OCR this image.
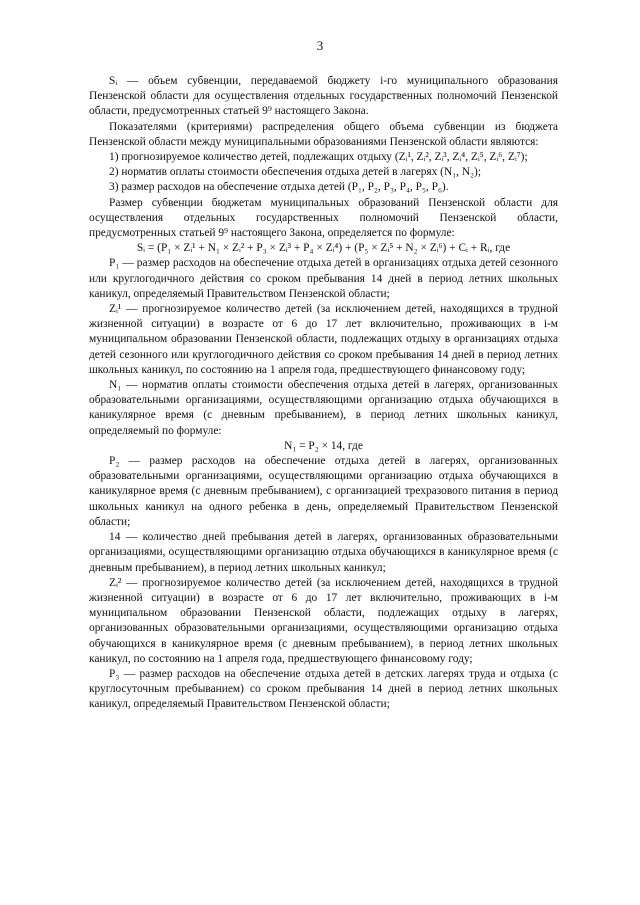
3

Sᵢ — объем субвенции, передаваемой бюджету i-го муниципального образования Пензенской области для осуществления отдельных государственных полномочий Пензенской области, предусмотренных статьей 9⁹ настоящего Закона.

Показателями (критериями) распределения общего объема субвенции из бюджета Пензенской области между муниципальными образованиями Пензенской области являются:

1) прогнозируемое количество детей, подлежащих отдыху (Zᵢ¹, Zᵢ², Zᵢ³, Zᵢ⁴, Zᵢ⁵, Zᵢ⁶, Zᵢ⁷);

2) норматив оплаты стоимости обеспечения отдыха детей в лагерях (N₁, N₂);

3) размер расходов на обеспечение отдыха детей (P₁, P₂, P₃, P₄, P₅, P₆).

Размер субвенции бюджетам муниципальных образований Пензенской области для осуществления отдельных государственных полномочий Пензенской области, предусмотренных статьей 9⁹ настоящего Закона, определяется по формуле:

Sᵢ = (P₁ × Zᵢ¹ + N₁ × Zᵢ² + P₃ × Zᵢ³ + P₄ × Zᵢ⁴) + (P₅ × Zᵢ⁵ + N₂ × Zᵢ⁶) + Cᵢ + Rᵢ, где

P₁ — размер расходов на обеспечение отдыха детей в организациях отдыха детей сезонного или круглогодичного действия со сроком пребывания 14 дней в период летних школьных каникул, определяемый Правительством Пензенской области;

Zᵢ¹ — прогнозируемое количество детей (за исключением детей, находящихся в трудной жизненной ситуации) в возрасте от 6 до 17 лет включительно, проживающих в i-м муниципальном образовании Пензенской области, подлежащих отдыху в организациях отдыха детей сезонного или круглогодичного действия со сроком пребывания 14 дней в период летних школьных каникул, по состоянию на 1 апреля года, предшествующего финансовому году;

N₁ — норматив оплаты стоимости обеспечения отдыха детей в лагерях, организованных образовательными организациями, осуществляющими организацию отдыха обучающихся в каникулярное время (с дневным пребыванием), в период летних школьных каникул, определяемый по формуле:

N₁ = P₂ × 14, где

P₂ — размер расходов на обеспечение отдыха детей в лагерях, организованных образовательными организациями, осуществляющими организацию отдыха обучающихся в каникулярное время (с дневным пребыванием), с организацией трехразового питания в период школьных каникул на одного ребенка в день, определяемый Правительством Пензенской области;

14 — количество дней пребывания детей в лагерях, организованных образовательными организациями, осуществляющими организацию отдыха обучающихся в каникулярное время (с дневным пребыванием), в период летних школьных каникул;

Zᵢ² — прогнозируемое количество детей (за исключением детей, находящихся в трудной жизненной ситуации) в возрасте от 6 до 17 лет включительно, проживающих в i-м муниципальном образовании Пензенской области, подлежащих отдыху в лагерях, организованных образовательными организациями, осуществляющими организацию отдыха обучающихся в каникулярное время (с дневным пребыванием), в период летних школьных каникул, по состоянию на 1 апреля года, предшествующего финансовому году;

P₃ — размер расходов на обеспечение отдыха детей в детских лагерях труда и отдыха (с круглосуточным пребыванием) со сроком пребывания 14 дней в период летних школьных каникул, определяемый Правительством Пензенской области;
